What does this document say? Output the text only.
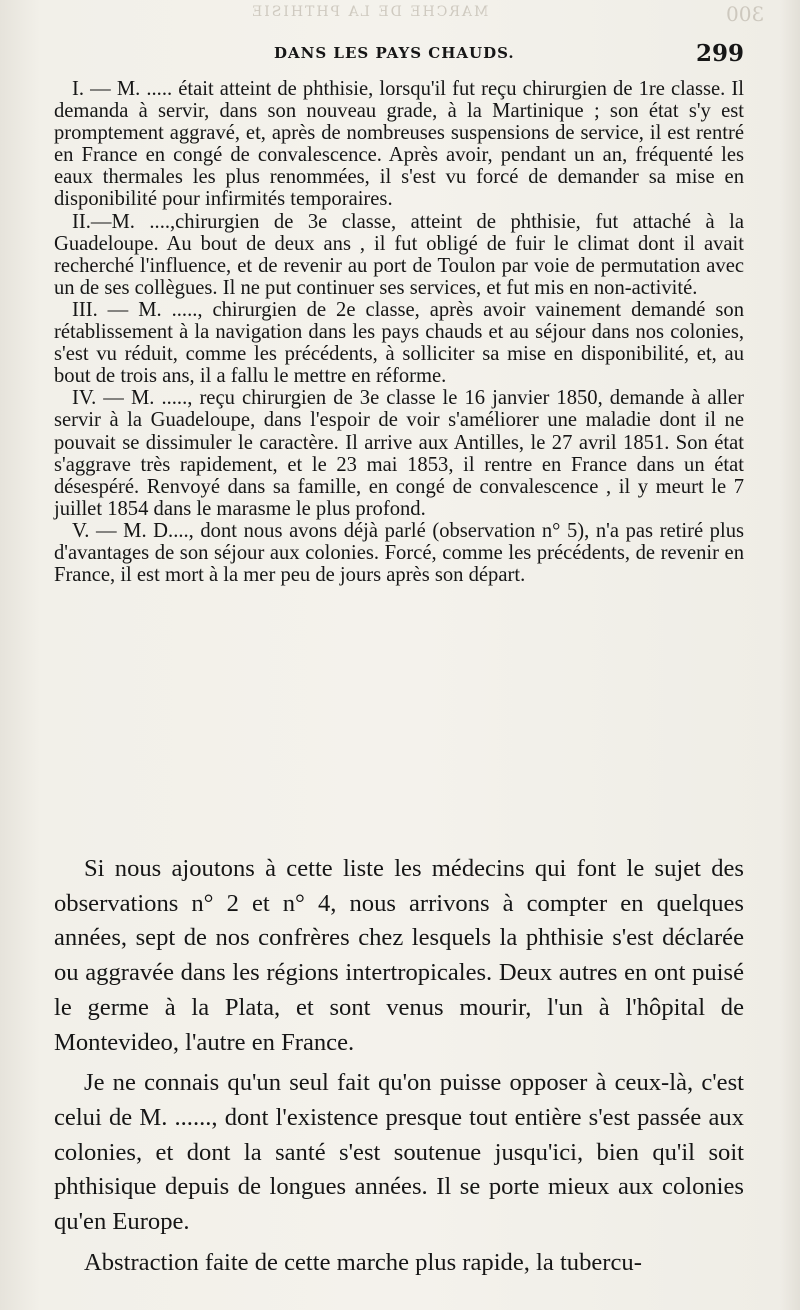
MARCHE DE LA PHTHISIE	300
DANS LES PAYS CHAUDS.	299

I. — M. ..... était atteint de phthisie, lorsqu'il fut reçu chirurgien de 1re classe. Il demanda à servir, dans son nouveau grade, à la Martinique ; son état s'y est promptement aggravé, et, après de nombreuses suspensions de service, il est rentré en France en congé de convalescence. Après avoir, pendant un an, fréquenté les eaux thermales les plus renommées, il s'est vu forcé de demander sa mise en disponibilité pour infirmités temporaires.

II.—M. ....,chirurgien de 3e classe, atteint de phthisie, fut attaché à la Guadeloupe. Au bout de deux ans , il fut obligé de fuir le climat dont il avait recherché l'influence, et de revenir au port de Toulon par voie de permutation avec un de ses collègues. Il ne put continuer ses services, et fut mis en non-activité.

III. — M. ....., chirurgien de 2e classe, après avoir vainement demandé son rétablissement à la navigation dans les pays chauds et au séjour dans nos colonies, s'est vu réduit, comme les précédents, à solliciter sa mise en disponibilité, et, au bout de trois ans, il a fallu le mettre en réforme.

IV. — M. ....., reçu chirurgien de 3e classe le 16 janvier 1850, demande à aller servir à la Guadeloupe, dans l'espoir de voir s'améliorer une maladie dont il ne pouvait se dissimuler le caractère. Il arrive aux Antilles, le 27 avril 1851. Son état s'aggrave très rapidement, et le 23 mai 1853, il rentre en France dans un état désespéré. Renvoyé dans sa famille, en congé de convalescence , il y meurt le 7 juillet 1854 dans le marasme le plus profond.

V. — M. D...., dont nous avons déjà parlé (observation n° 5), n'a pas retiré plus d'avantages de son séjour aux colonies. Forcé, comme les précédents, de revenir en France, il est mort à la mer peu de jours après son départ.

Si nous ajoutons à cette liste les médecins qui font le sujet des observations n° 2 et n° 4, nous arrivons à compter en quelques années, sept de nos confrères chez lesquels la phthisie s'est déclarée ou aggravée dans les régions intertropicales. Deux autres en ont puisé le germe à la Plata, et sont venus mourir, l'un à l'hôpital de Montevideo, l'autre en France.

Je ne connais qu'un seul fait qu'on puisse opposer à ceux-là, c'est celui de M. ......, dont l'existence presque tout entière s'est passée aux colonies, et dont la santé s'est soutenue jusqu'ici, bien qu'il soit phthisique depuis de longues années. Il se porte mieux aux colonies qu'en Europe.

Abstraction faite de cette marche plus rapide, la tubercu-
